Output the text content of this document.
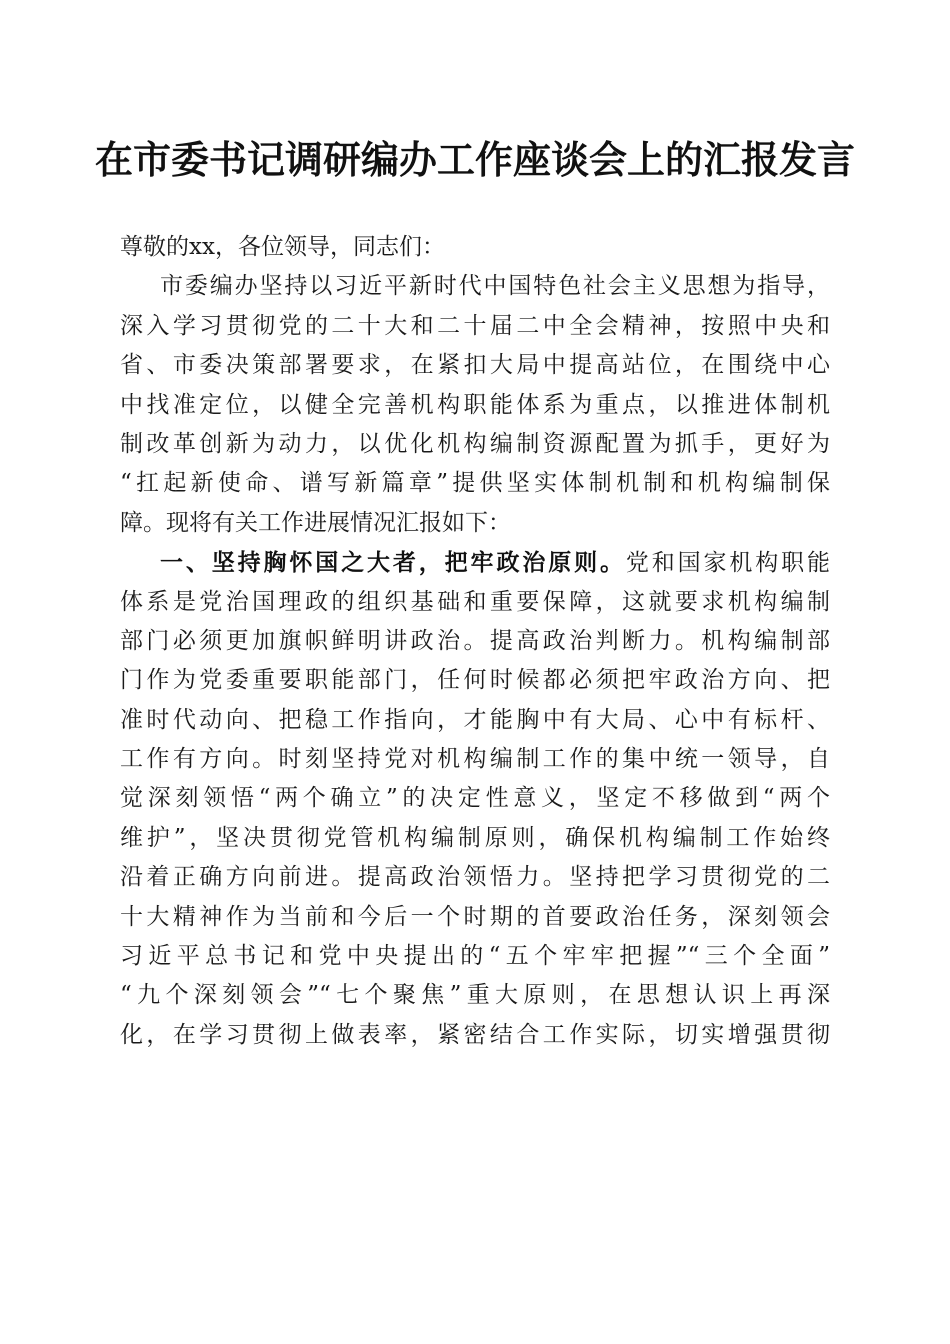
在市委书记调研编办工作座谈会上的汇报发言
尊敬的xx，各位领导，同志们：
市委编办坚持以习近平新时代中国特色社会主义思想为指导，
深入学习贯彻党的二十大和二十届二中全会精神，按照中央和
省、市委决策部署要求，在紧扣大局中提高站位，在围绕中心
中找准定位，以健全完善机构职能体系为重点，以推进体制机
制改革创新为动力，以优化机构编制资源配置为抓手，更好为
“扛起新使命、谱写新篇章”提供坚实体制机制和机构编制保
障。现将有关工作进展情况汇报如下：
一、坚持胸怀国之大者，把牢政治原则。党和国家机构职能
体系是党治国理政的组织基础和重要保障，这就要求机构编制
部门必须更加旗帜鲜明讲政治。提高政治判断力。机构编制部
门作为党委重要职能部门，任何时候都必须把牢政治方向、把
准时代动向、把稳工作指向，才能胸中有大局、心中有标杆、
工作有方向。时刻坚持党对机构编制工作的集中统一领导，自
觉深刻领悟“两个确立”的决定性意义，坚定不移做到“两个
维护”，坚决贯彻党管机构编制原则，确保机构编制工作始终
沿着正确方向前进。提高政治领悟力。坚持把学习贯彻党的二
十大精神作为当前和今后一个时期的首要政治任务，深刻领会
习近平总书记和党中央提出的“五个牢牢把握”“三个全面”
“九个深刻领会”“七个聚焦”重大原则，在思想认识上再深
化，在学习贯彻上做表率，紧密结合工作实际，切实增强贯彻
